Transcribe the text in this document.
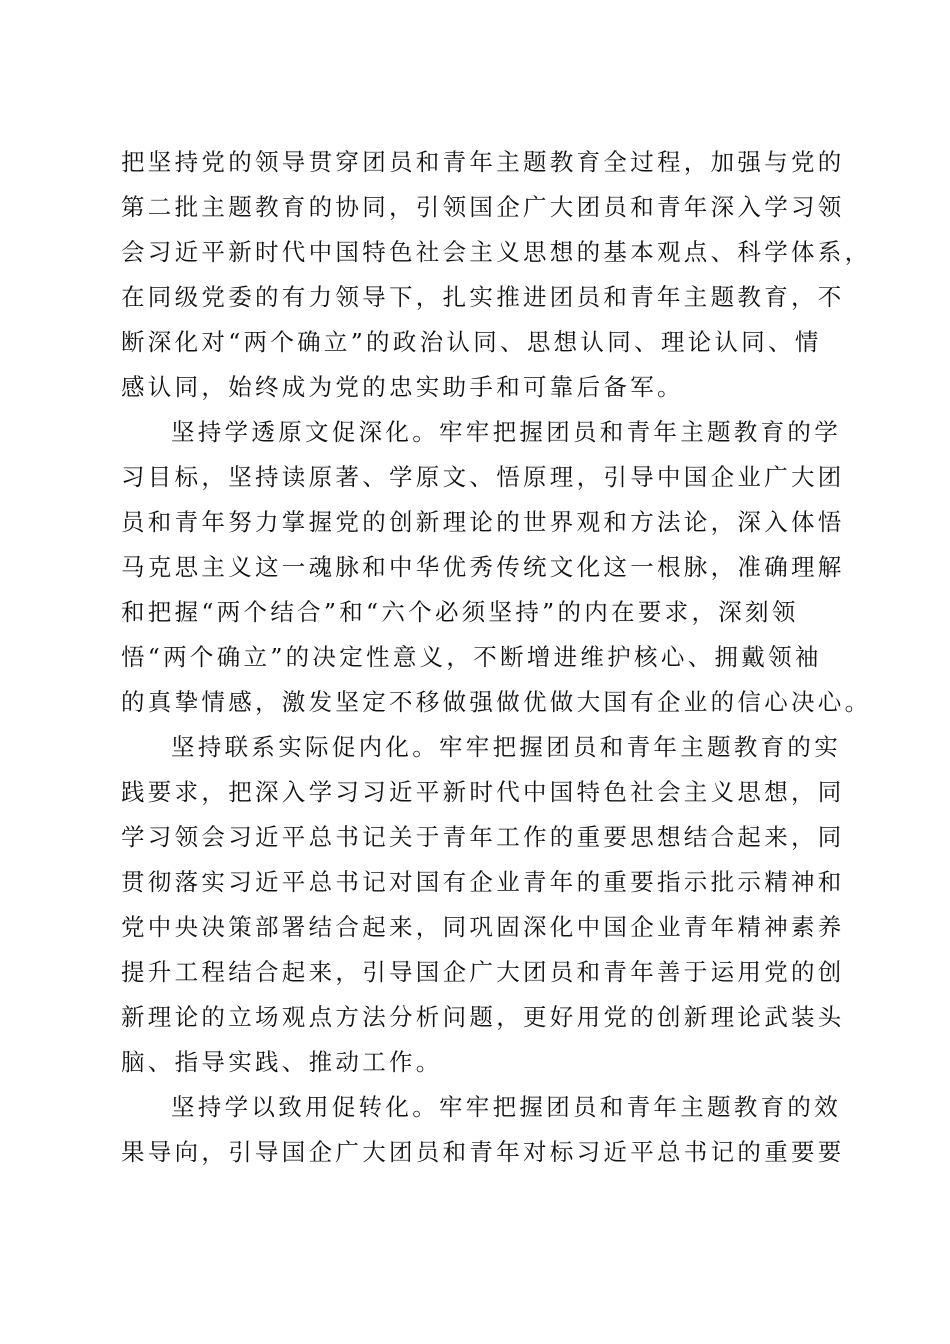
把坚持党的领导贯穿团员和青年主题教育全过程，加强与党的
第二批主题教育的协同，引领国企广大团员和青年深入学习领
会习近平新时代中国特色社会主义思想的基本观点、科学体系，
在同级党委的有力领导下，扎实推进团员和青年主题教育，不
断深化对“两个确立”的政治认同、思想认同、理论认同、情
感认同，始终成为党的忠实助手和可靠后备军。
坚持学透原文促深化。牢牢把握团员和青年主题教育的学
习目标，坚持读原著、学原文、悟原理，引导中国企业广大团
员和青年努力掌握党的创新理论的世界观和方法论，深入体悟
马克思主义这一魂脉和中华优秀传统文化这一根脉，准确理解
和把握“两个结合”和“六个必须坚持”的内在要求，深刻领
悟“两个确立”的决定性意义，不断增进维护核心、拥戴领袖
的真挚情感，激发坚定不移做强做优做大国有企业的信心决心。
坚持联系实际促内化。牢牢把握团员和青年主题教育的实
践要求，把深入学习习近平新时代中国特色社会主义思想，同
学习领会习近平总书记关于青年工作的重要思想结合起来，同
贯彻落实习近平总书记对国有企业青年的重要指示批示精神和
党中央决策部署结合起来，同巩固深化中国企业青年精神素养
提升工程结合起来，引导国企广大团员和青年善于运用党的创
新理论的立场观点方法分析问题，更好用党的创新理论武装头
脑、指导实践、推动工作。
坚持学以致用促转化。牢牢把握团员和青年主题教育的效
果导向，引导国企广大团员和青年对标习近平总书记的重要要
